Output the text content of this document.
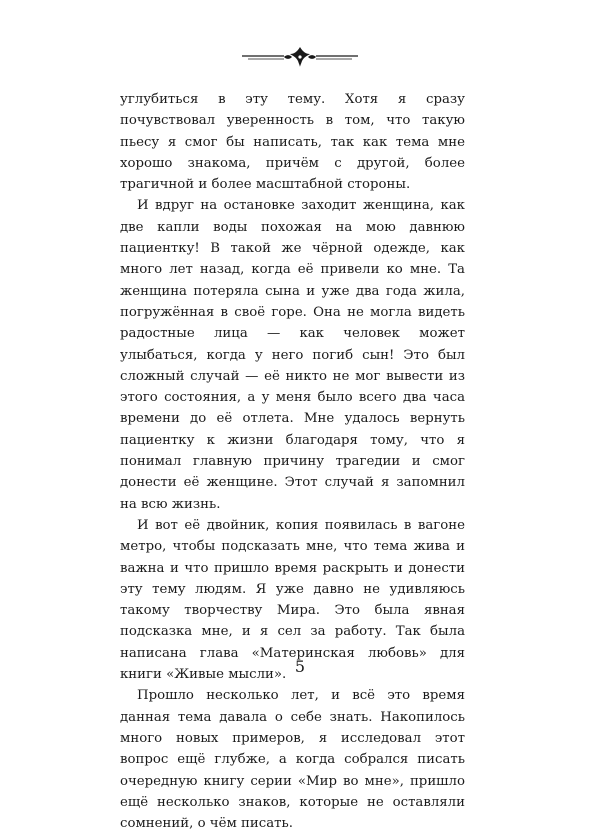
углубиться в эту тему. Хотя я сразу почувствовал уверенность в том, что такую пьесу я смог бы написать, так как тема мне хорошо знакома, причём с другой, более трагичной и более масштабной стороны.

И вдруг на остановке заходит женщина, как две капли воды похожая на мою давнюю пациентку! В такой же чёрной одежде, как много лет назад, когда её привели ко мне. Та женщина потеряла сына и уже два года жила, погружённая в своё горе. Она не могла видеть радостные лица — как человек может улыбаться, когда у него погиб сын! Это был сложный случай — её никто не мог вывести из этого состояния, а у меня было всего два часа времени до её отлета. Мне удалось вернуть пациентку к жизни благодаря тому, что я понимал главную причину трагедии и смог донести её женщине. Этот случай я запомнил на всю жизнь.

И вот её двойник, копия появилась в вагоне метро, чтобы подсказать мне, что тема жива и важна и что пришло время раскрыть и донести эту тему людям. Я уже давно не удивляюсь такому творчеству Мира. Это была явная подсказка мне, и я сел за работу. Так была написана глава «Материнская любовь» для книги «Живые мысли».

Прошло несколько лет, и всё это время данная тема давала о себе знать. Накопилось много новых примеров, я исследовал этот вопрос ещё глубже, а когда собрался писать очередную книгу серии «Мир во мне», пришло ещё несколько знаков, которые не оставляли сомнений, о чём писать.

5
